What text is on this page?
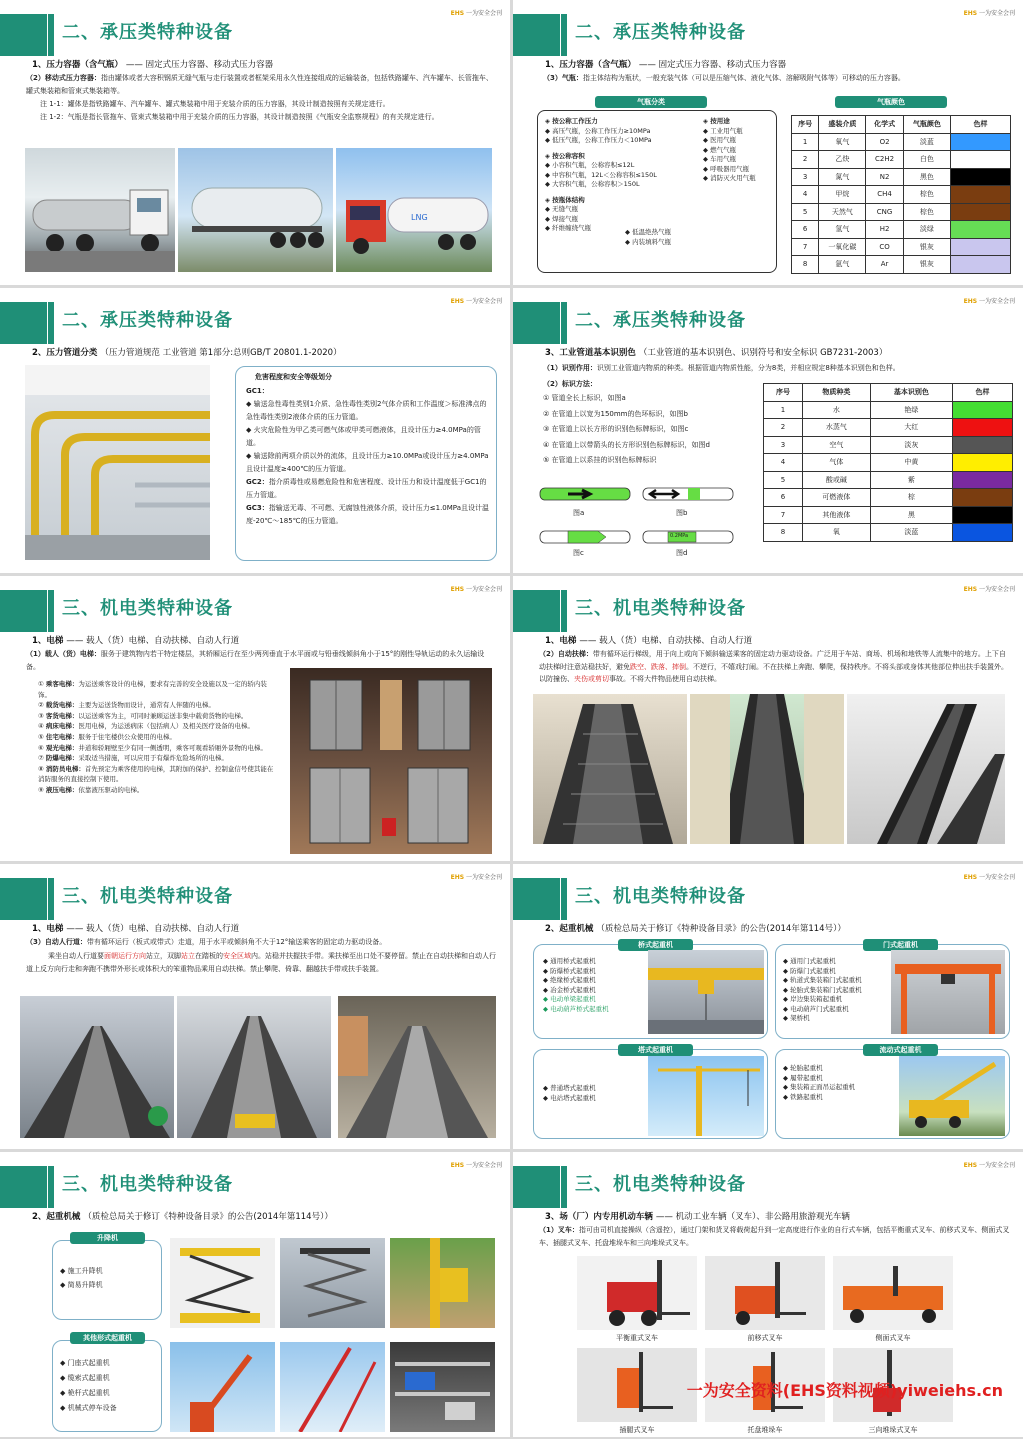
二、承压类特种设备
EHS 一为安全会刊
1、压力容器（含气瓶） —— 固定式压力容器、移动式压力容器
（2）移动式压力容器：指由罐体或者大容积钢质无缝气瓶与走行装置或者框架采用永久性连接组成的运输装备，包括铁路罐车、汽车罐车、长管拖车、罐式集装箱和管束式集装箱等。
注 1-1：罐体是指铁路罐车、汽车罐车、罐式集装箱中用于充装介质的压力容器，其设计制造按照有关规定进行。
注 1-2：气瓶是指长管拖车、管束式集装箱中用于充装介质的压力容器，其设计制造按照《气瓶安全监察规程》的有关规定进行。
LNG
二、承压类特种设备
EHS 一为安全会刊
1、压力容器（含气瓶） —— 固定式压力容器、移动式压力容器
（3）气瓶：指主体结构为瓶状，一般充装气体（可以是压缩气体、液化气体、溶解吸附气体等）可移动的压力容器。
气瓶分类	气瓶颜色
◈ 按公称工作压力
◆ 高压气瓶，公称工作压力≥10MPa
◆ 低压气瓶，公称工作压力＜10MPa
◈ 按公称容积
◆ 小容积气瓶，公称容积≤12L
◆ 中容积气瓶，12L＜公称容积≤150L
◆ 大容积气瓶，公称容积＞150L
◈ 按瓶体结构
◆ 无缝气瓶
◆ 焊接气瓶
◆ 纤维缠绕气瓶	◆ 低温绝热气瓶
◆ 内装填料气瓶
◈ 按用途
◆ 工业用气瓶
◆ 医用气瓶
◆ 燃气气瓶
◆ 车用气瓶
◆ 呼吸器用气瓶
◆ 消防灭火用气瓶
序号	盛装介质	化学式	气瓶颜色	色样
1	氧气	O2	淡蓝	
2	乙炔	C2H2	白色	
3	氮气	N2	黑色	
4	甲烷	CH4	棕色	
5	天然气	CNG	棕色	
6	氢气	H2	淡绿	
7	一氧化碳	CO	银灰	
8	氩气	Ar	银灰	
二、承压类特种设备
EHS 一为安全会刊
2、压力管道分类 （压力管道规范 工业管道 第1部分:总则GB/T 20801.1-2020）
危害程度和安全等级划分
GC1：
◆ 输送急性毒性类别1介质、急性毒性类别2气体介质和工作温度＞标准沸点的急性毒性类别2液体介质的压力管道。
◆ 火灾危险性为甲乙类可燃气体或甲类可燃液体，且设计压力≥4.0MPa的管道。
◆ 输送除前两项介质以外的流体，且设计压力≥10.0MPa或设计压力≥4.0MPa且设计温度≥400℃的压力管道。
GC2：指介质毒性或易燃危险性和危害程度、设计压力和设计温度低于GC1的压力管道。
GC3：指输送无毒、不可燃、无腐蚀性液体介质，设计压力≤1.0MPa且设计温度-20℃～185℃的压力管道。
二、承压类特种设备
EHS 一为安全会刊
3、工业管道基本识别色 （工业管道的基本识别色、识别符号和安全标识 GB7231-2003）
（1）识别作用：识别工业管道内物质的种类。根据管道内物质性能，分为8类，并相应规定8种基本识别色和色样。
（2）标识方法：
① 管道全长上标识，如图a
② 在管道上以宽为150mm的色环标识，如图b
③ 在管道上以长方形的识别色标牌标识，如图c
④ 在管道上以带箭头的长方形识别色标牌标识，如图d
⑤ 在管道上以系挂的识别色标牌标识
图a	图b
图c	图d
0.2MPa
序号	物质种类	基本识别色	色样
1	水	艳绿	
2	水蒸气	大红	
3	空气	淡灰	
4	气体	中黄	
5	酸或碱	紫	
6	可燃液体	棕	
7	其他液体	黑	
8	氧	淡蓝	
三、机电类特种设备
EHS 一为安全会刊
1、电梯 —— 载人（货）电梯、自动扶梯、自动人行道
（1）载人（货）电梯：服务于建筑物内若干特定楼层，其轿厢运行在至少两列垂直于水平面或与铅垂线倾斜角小于15°的刚性导轨运动的永久运输设备。
① 乘客电梯：为运送乘客设计的电梯，要求有完善的安全设施以及一定的轿内装饰。
② 载货电梯：主要为运送货物而设计，通常有人伴随的电梯。
③ 客货电梯：以运送乘客为主，可同时兼顾运送非集中载荷货物的电梯。
④ 病床电梯：医用电梯，为运送病床（包括病人）及相关医疗设备的电梯。
⑤ 住宅电梯：服务于住宅楼供公众使用的电梯。
⑥ 观光电梯：井道和轿厢壁至少有同一侧透明，乘客可观看轿厢外景物的电梯。
⑦ 防爆电梯：采取适当措施，可以应用于有爆炸危险场所的电梯。
⑧ 消防员电梯：首先预定为乘客使用的电梯，其附加的保护、控制盒信号使其能在消防服务的直接控制下使用。
⑨ 液压电梯：依靠液压驱动的电梯。
三、机电类特种设备
EHS 一为安全会刊
1、电梯 —— 载人（货）电梯、自动扶梯、自动人行道
（2）自动扶梯：带有循环运行梯级，用于向上或向下倾斜输送乘客的固定动力驱动设备。广泛用于车站、商场、机场和地铁等人流集中的地方。上下自动扶梯时注意站稳扶好，避免跌空、跌落、摔倒。不逆行，不嬉戏打闹。不在扶梯上奔跑、攀爬，保持秩序。不将头部或身体其他部位伸出扶手装置外。以防撞伤、夹伤或剪切事故。不将大件物品使用自动扶梯。
三、机电类特种设备
EHS 一为安全会刊
1、电梯 —— 载人（货）电梯、自动扶梯、自动人行道
（3）自动人行道：带有循环运行（板式或带式）走道，用于水平或倾斜角不大于12°输送乘客的固定动力驱动设备。
乘坐自动人行道要面朝运行方向站立，双脚站立在踏板的安全区域内。站稳并扶握扶手带。乘扶梯至出口处不要停留。禁止在自动扶梯和自动人行道上反方向行走和奔跑不携带外形长或体积大的笨重物品乘用自动扶梯。禁止攀爬、倚靠、翻越扶手带或扶手装置。
三、机电类特种设备
EHS 一为安全会刊
2、起重机械 （质检总局关于修订《特种设备目录》的公告(2014年第114号））
桥式起重机
◆ 通用桥式起重机
◆ 防爆桥式起重机
◆ 绝缘桥式起重机
◆ 冶金桥式起重机
◆ 电动单梁起重机
◆ 电动葫芦桥式起重机
门式起重机
◆ 通用门式起重机
◆ 防爆门式起重机
◆ 轨道式集装箱门式起重机
◆ 轮胎式集装箱门式起重机
◆ 岸边集装箱起重机
◆ 电动葫芦门式起重机
◆ 架桥机
塔式起重机
◆ 普通塔式起重机
◆ 电站塔式起重机
流动式起重机
◆ 轮胎起重机
◆ 履带起重机
◆ 集装箱正面吊运起重机
◆ 铁路起重机
三、机电类特种设备
EHS 一为安全会刊
2、起重机械 （质检总局关于修订《特种设备目录》的公告(2014年第114号））
升降机
◆ 施工升降机
◆ 简易升降机
其他形式起重机
◆ 门座式起重机
◆ 缆索式起重机
◆ 桅杆式起重机
◆ 机械式停车设备
三、机电类特种设备
EHS 一为安全会刊
3、场（厂）内专用机动车辆 —— 机动工业车辆（叉车）、非公路用旅游观光车辆
（1）叉车：指可由司机直接操纵（含遥控），通过门架和货叉将载荷起升到一定高度进行作业的自行式车辆，包括平衡重式叉车、前移式叉车、侧面式叉车、插腿式叉车、托盘堆垛车和三向堆垛式叉车。
平衡重式叉车	前移式叉车	侧面式叉车
插腿式叉车	托盘堆垛车	三向堆垛式叉车
一为安全资料(EHS资料视频)yiweiehs.cn
